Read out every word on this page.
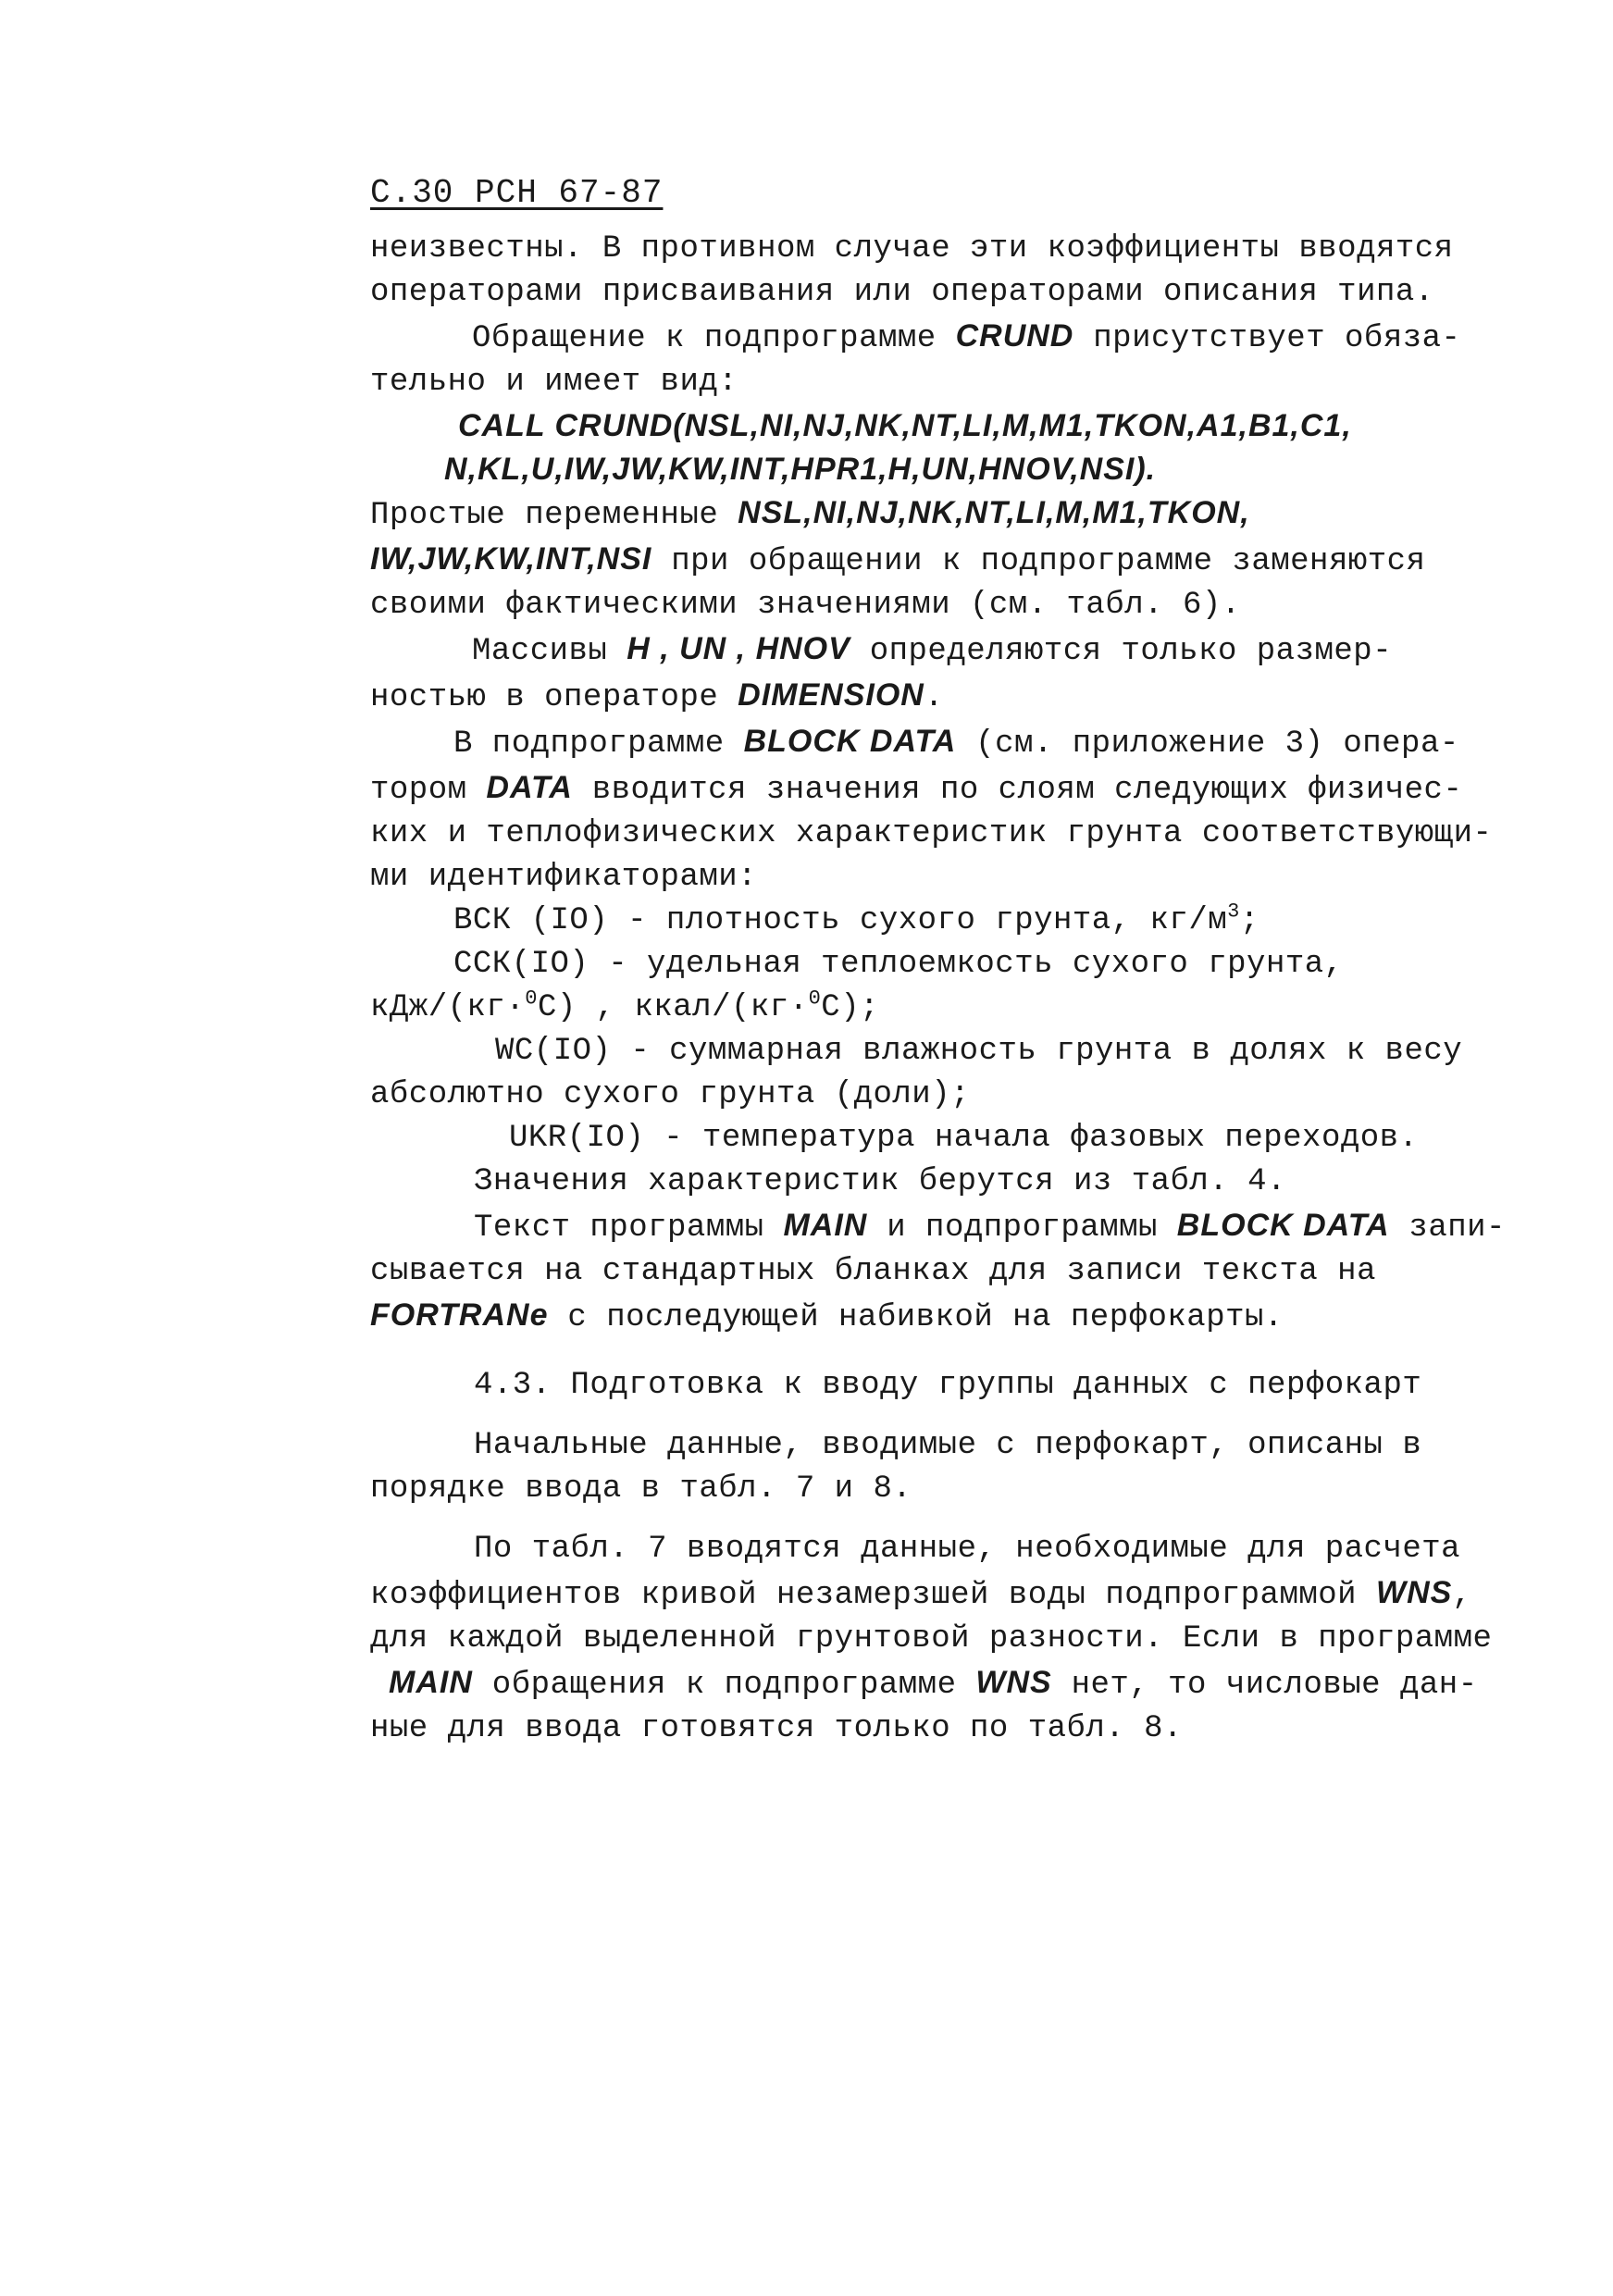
С.30 РСН 67-87
неизвестны. В противном случае эти коэффициенты вводятся
операторами присваивания или операторами описания типа.
Обращение к подпрограмме CRUND присутствует обяза-
тельно и имеет вид:
CALL CRUND(NSL,NI,NJ,NK,NT,LI,M,M1,TKON,A1,B1,C1,
N,KL,U,IW,JW,KW,INT,HPR1,H,UN,HNOV,NSI).
Простые переменные NSL,NI,NJ,NK,NT,LI,M,M1,TKON,
IW,JW,KW,INT,NSI при обращении к подпрограмме заменяются
своими фактическими значениями (см. табл. 6).
Массивы H , UN , HNOV определяются только размер-
ностью в операторе DIMENSION.
В подпрограмме BLOCK DATA (см. приложение 3) опера-
тором DATA вводится значения по слоям следующих физичес-
ких и теплофизических характеристик грунта соответствующи-
ми идентификаторами:
ВСК (IO) - плотность сухого грунта, $кг/м^3$;
ССК(IO) - удельная теплоемкость сухого грунта,
кДж/(кг·$^0$С) , ккал/(кг·$^0$С);
WC(IO) - суммарная влажность грунта в долях к весу
абсолютно сухого грунта (доли);
UKR(IO) - температура начала фазовых переходов.
Значения характеристик берутся из табл. 4.
Текст программы MAIN и подпрограммы BLOCK DATA запи-
сывается на стандартных бланках для записи текста на
FORTRANе с последующей набивкой на перфокарты.
4.3. Подготовка к вводу группы данных с перфокарт
Начальные данные, вводимые с перфокарт, описаны в
порядке ввода в табл. 7 и 8.
По табл. 7 вводятся данные, необходимые для расчета
коэффициентов кривой незамерзшей воды подпрограммой WNS,
для каждой выделенной грунтовой разности. Если в программе
MAIN обращения к подпрограмме WNS нет, то числовые дан-
ные для ввода готовятся только по табл. 8.
